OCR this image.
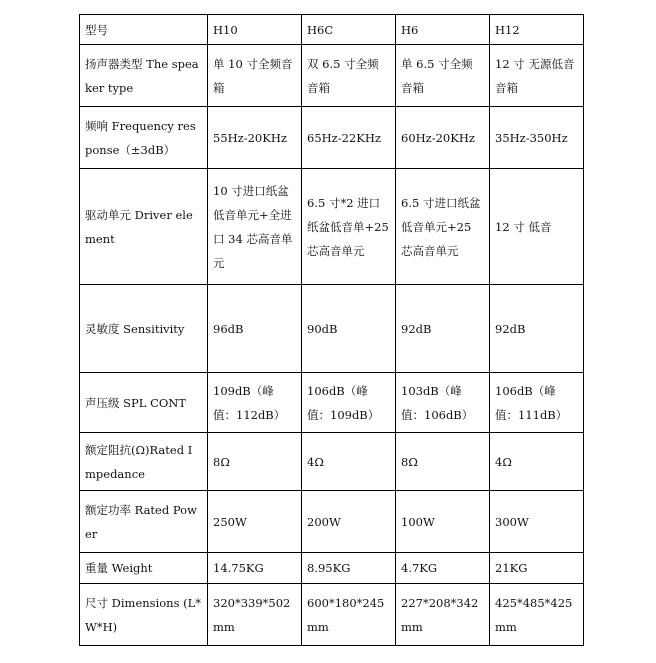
型号	H10	H6C	H6	H12
扬声器类型 The speaker type	单 10 寸全频音箱	双 6.5 寸全频音箱	单 6.5 寸全频音箱	12 寸 无源低音音箱
频响 Frequency response（±3dB）	55Hz-20KHz	65Hz-22KHz	60Hz-20KHz	35Hz-350Hz
驱动单元 Driver element	10 寸进口纸盆低音单元+全进口 34 芯高音单元	6.5 寸*2 进口纸盆低音单+25 芯高音单元	6.5 寸进口纸盆低音单元+25 芯高音单元	12 寸 低音
灵敏度 Sensitivity	96dB	90dB	92dB	92dB
声压级 SPL CONT	109dB（峰值：112dB）	106dB（峰值：109dB）	103dB（峰值：106dB）	106dB（峰值：111dB）
额定阻抗(Ω)Rated Impedance	8Ω	4Ω	8Ω	4Ω
额定功率 Rated Power	250W	200W	100W	300W
重量 Weight	14.75KG	8.95KG	4.7KG	21KG
尺寸 Dimensions (L*W*H)	320*339*502mm	600*180*245mm	227*208*342mm	425*485*425mm
